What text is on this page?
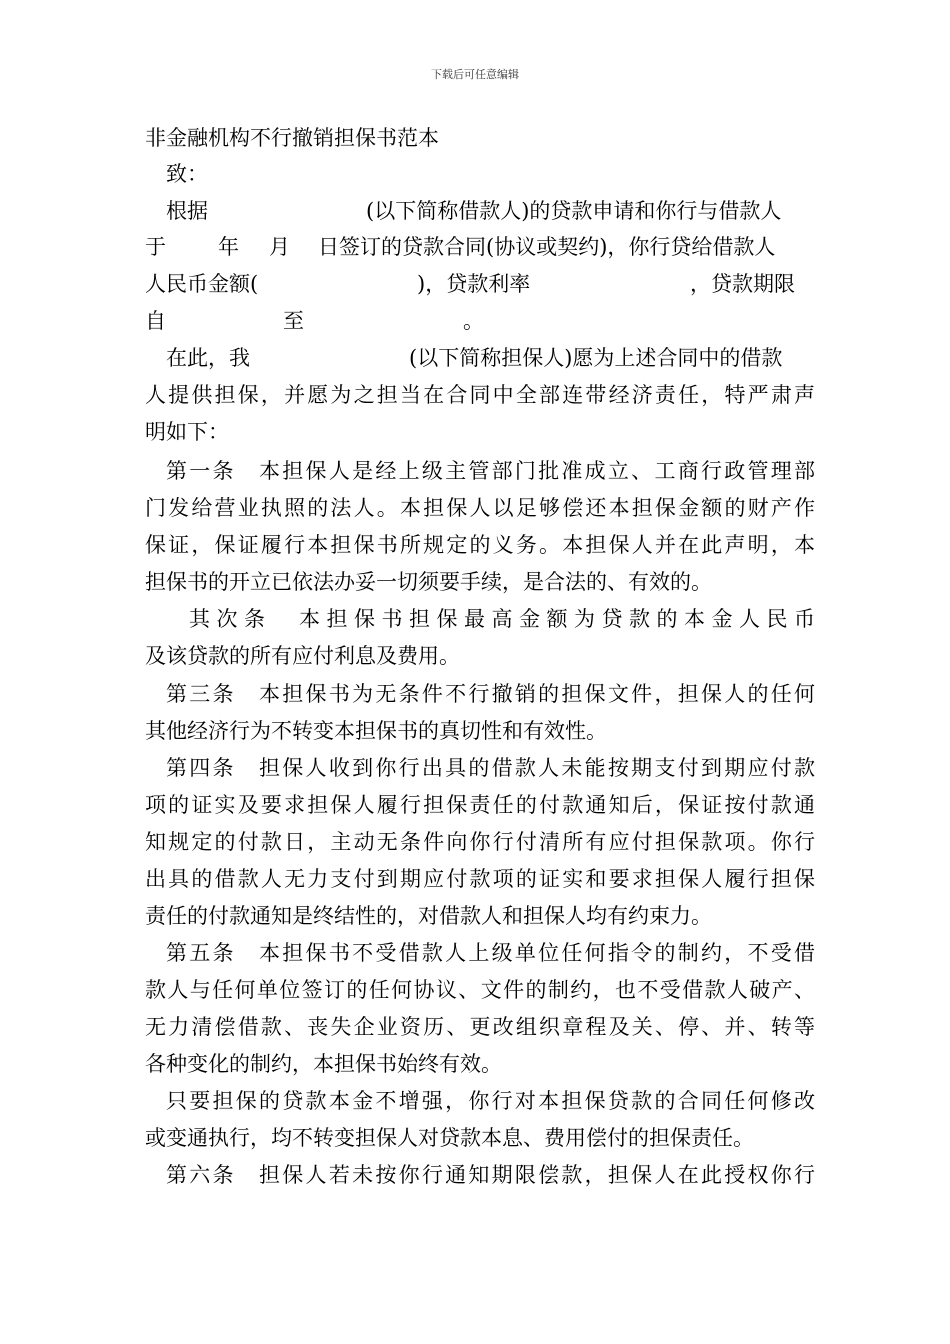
下载后可任意编辑
非金融机构不行撤销担保书范本
致：
根据	(以下简称借款人)的贷款申请和你行与借款人
于 年 月 日签订的贷款合同(协议或契约)，你行贷给借款人
人民币金额(	)，贷款利率	，贷款期限
自	至	。
在此，我	(以下简称担保人)愿为上述合同中的借款
人提供担保，并愿为之担当在合同中全部连带经济责任，特严肃声
明如下：
第一条　本担保人是经上级主管部门批准成立、工商行政管理部
门发给营业执照的法人。本担保人以足够偿还本担保金额的财产作
保证，保证履行本担保书所规定的义务。本担保人并在此声明，本
担保书的开立已依法办妥一切须要手续，是合法的、有效的。
其次条　本担保书担保最高金额为贷款的本金人民币
及该贷款的所有应付利息及费用。
第三条　本担保书为无条件不行撤销的担保文件，担保人的任何
其他经济行为不转变本担保书的真切性和有效性。
第四条　担保人收到你行出具的借款人未能按期支付到期应付款
项的证实及要求担保人履行担保责任的付款通知后，保证按付款通
知规定的付款日，主动无条件向你行付清所有应付担保款项。你行
出具的借款人无力支付到期应付款项的证实和要求担保人履行担保
责任的付款通知是终结性的，对借款人和担保人均有约束力。
第五条　本担保书不受借款人上级单位任何指令的制约，不受借
款人与任何单位签订的任何协议、文件的制约，也不受借款人破产、
无力清偿借款、丧失企业资历、更改组织章程及关、停、并、转等
各种变化的制约，本担保书始终有效。
只要担保的贷款本金不增强，你行对本担保贷款的合同任何修改
或变通执行，均不转变担保人对贷款本息、费用偿付的担保责任。
第六条　担保人若未按你行通知期限偿款，担保人在此授权你行
